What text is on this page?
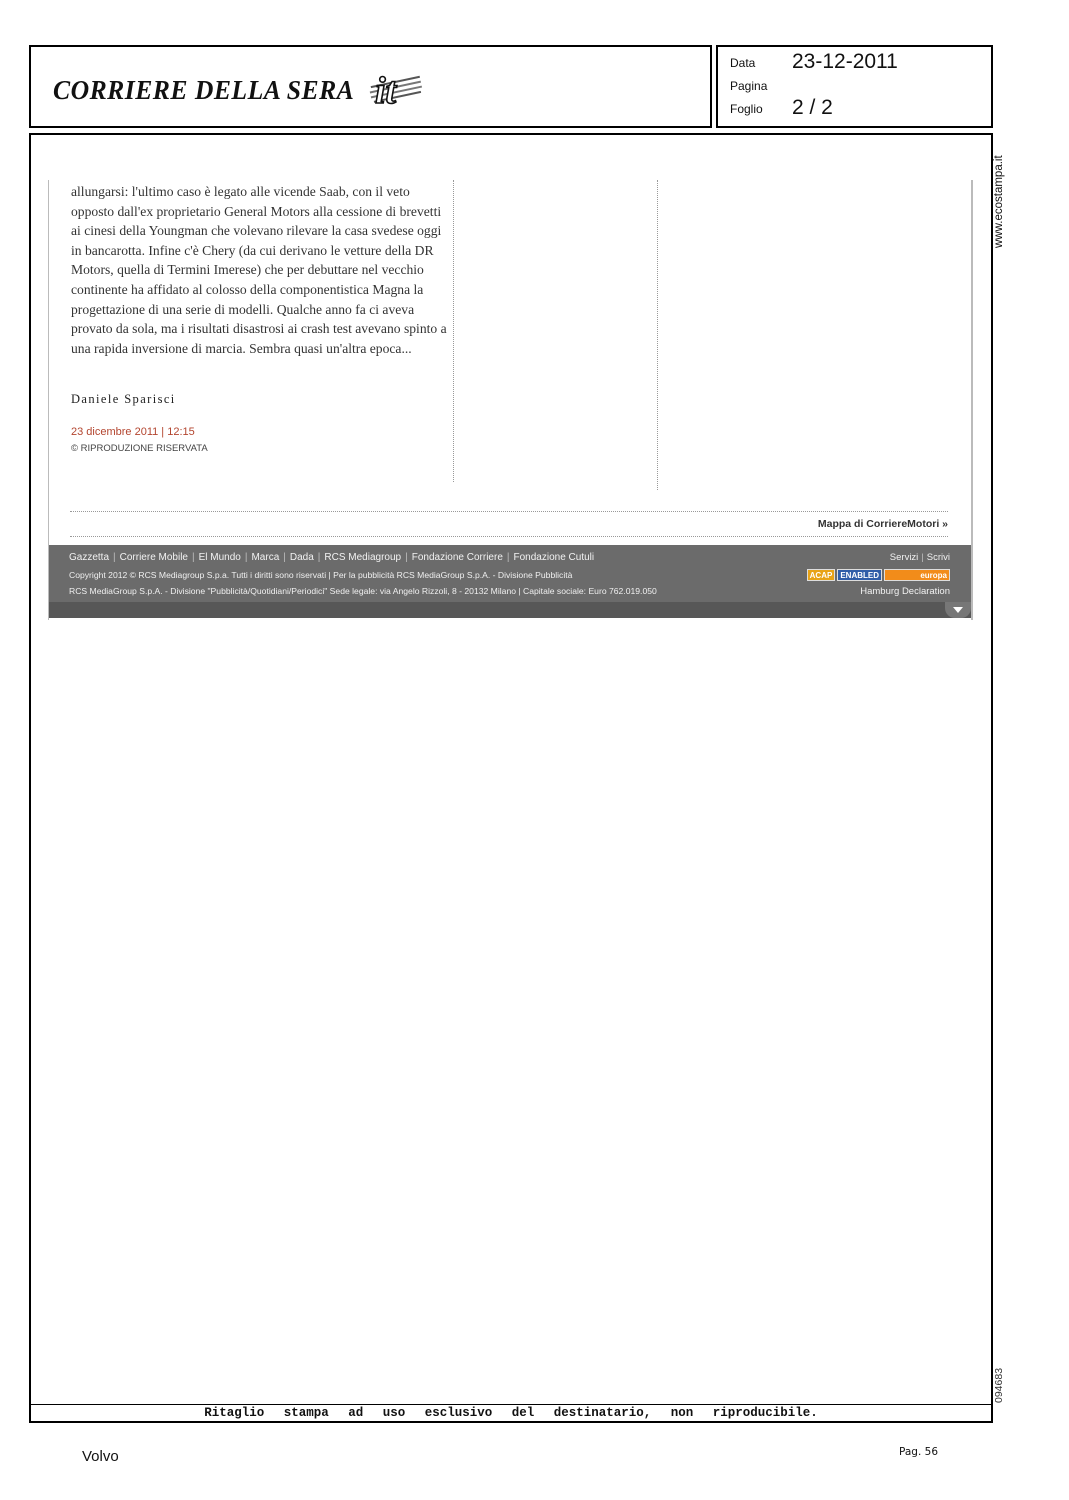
CORRIERE DELLA SERA it
Data 23-12-2011
Pagina
Foglio 2 / 2
Ritaglio stampa ad uso esclusivo del destinatario, non riproducibile.
www.ecostampa.it
094683
allungarsi: l'ultimo caso è legato alle vicende Saab, con il veto opposto dall'ex proprietario General Motors alla cessione di brevetti ai cinesi della Youngman che volevano rilevare la casa svedese oggi in bancarotta. Infine c'è Chery (da cui derivano le vetture della DR Motors, quella di Termini Imerese) che per debuttare nel vecchio continente ha affidato al colosso della componentistica Magna la progettazione di una serie di modelli. Qualche anno fa ci aveva provato da sola, ma i risultati disastrosi ai crash test avevano spinto a una rapida inversione di marcia. Sembra quasi un'altra epoca...
Daniele Sparisci
23 dicembre 2011 | 12:15
© RIPRODUZIONE RISERVATA
Mappa di CorriereMotori »
Gazzetta | Corriere Mobile | El Mundo | Marca | Dada | RCS Mediagroup | Fondazione Corriere | Fondazione Cutuli
Copyright 2012 © RCS Mediagroup S.p.a. Tutti i diritti sono riservati | Per la pubblicità RCS MediaGroup S.p.A. - Divisione Pubblicità
RCS MediaGroup S.p.A. - Divisione "Pubblicità/Quotidiani/Periodici" Sede legale: via Angelo Rizzoli, 8 - 20132 Milano | Capitale sociale: Euro 762.019.050
Servizi | Scrivi
ACAP	ENABLED	europa
Hamburg Declaration
Volvo	Pag. 56
